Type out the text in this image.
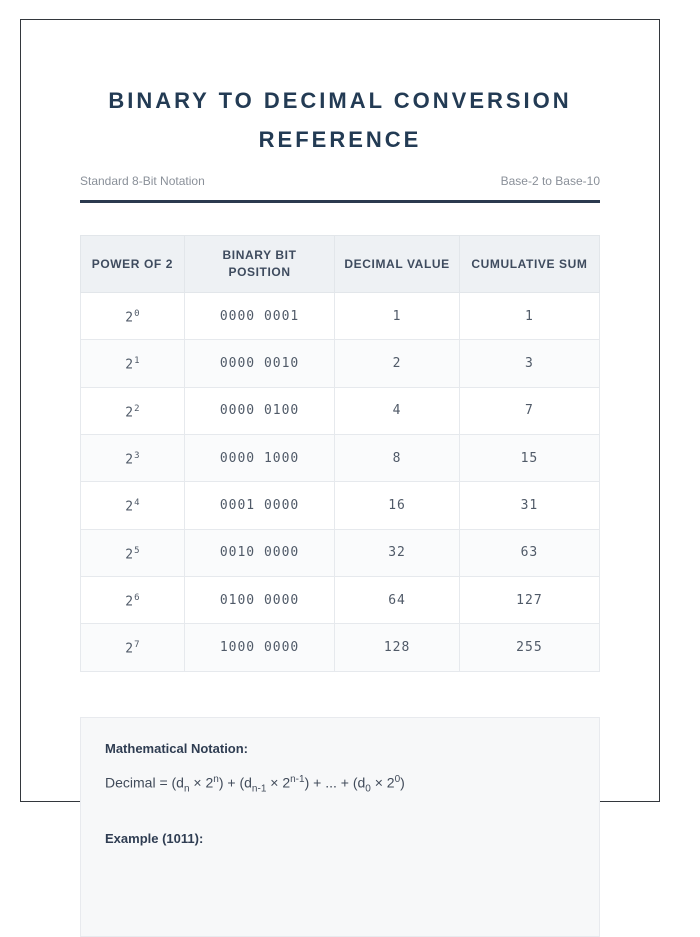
BINARY TO DECIMAL CONVERSION REFERENCE
Standard 8-Bit Notation	Base-2 to Base-10
POWER OF 2	BINARY BIT POSITION	DECIMAL VALUE	CUMULATIVE SUM
$2^0$	0000 0001	1	1
$2^1$	0000 0010	2	3
$2^2$	0000 0100	4	7
$2^3$	0000 1000	8	15
$2^4$	0001 0000	16	31
$2^5$	0010 0000	32	63
$2^6$	0100 0000	64	127
$2^7$	1000 0000	128	255
Mathematical Notation:
Decimal = $(d_n \times 2^n) + (d_{n-1} \times 2^{n-1})$ + ... + $(d_0 \times 2^0)$
Example (1011):
